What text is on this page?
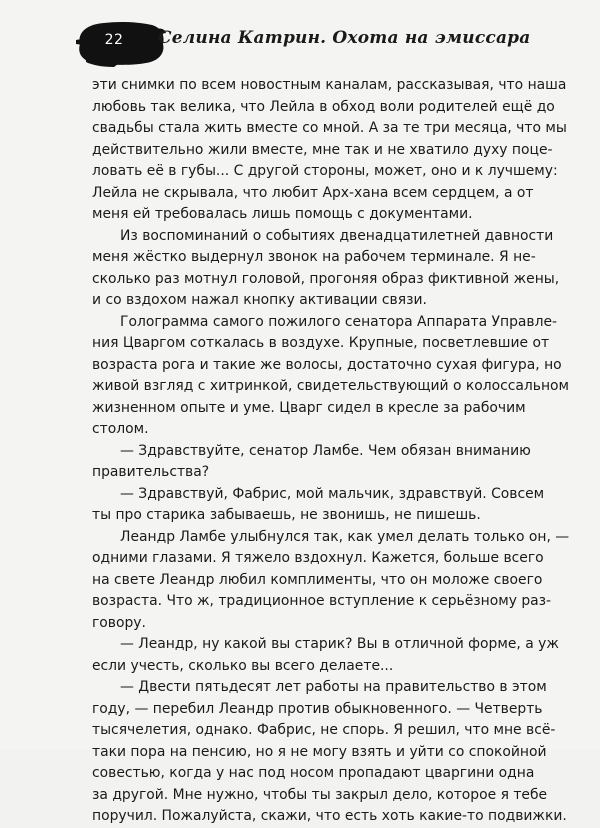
22	Селина Катрин. Охота на эмиссара
эти снимки по всем новостным каналам, рассказывая, что наша
любовь так велика, что Лейла в обход воли родителей ещё до
свадьбы стала жить вместе со мной. А за те три месяца, что мы
действительно жили вместе, мне так и не хватило духу поце-
ловать её в губы... С другой стороны, может, оно и к лучшему:
Лейла не скрывала, что любит Арх-хана всем сердцем, а от
меня ей требовалась лишь помощь с документами.
Из воспоминаний о событиях двенадцатилетней давности
меня жёстко выдернул звонок на рабочем терминале. Я не-
сколько раз мотнул головой, прогоняя образ фиктивной жены,
и со вздохом нажал кнопку активации связи.
Голограмма самого пожилого сенатора Аппарата Управле-
ния Цваргом соткалась в воздухе. Крупные, посветлевшие от
возраста рога и такие же волосы, достаточно сухая фигура, но
живой взгляд с хитринкой, свидетельствующий о колоссальном
жизненном опыте и уме. Цварг сидел в кресле за рабочим
столом.
— Здравствуйте, сенатор Ламбе. Чем обязан вниманию
правительства?
— Здравствуй, Фабрис, мой мальчик, здравствуй. Совсем
ты про старика забываешь, не звонишь, не пишешь.
Леандр Ламбе улыбнулся так, как умел делать только он, —
одними глазами. Я тяжело вздохнул. Кажется, больше всего
на свете Леандр любил комплименты, что он моложе своего
возраста. Что ж, традиционное вступление к серьёзному раз-
говору.
— Леандр, ну какой вы старик? Вы в отличной форме, а уж
если учесть, сколько вы всего делаете...
— Двести пятьдесят лет работы на правительство в этом
году, — перебил Леандр против обыкновенного. — Четверть
тысячелетия, однако. Фабрис, не спорь. Я решил, что мне всё-
таки пора на пенсию, но я не могу взять и уйти со спокойной
совестью, когда у нас под носом пропадают цваргини одна
за другой. Мне нужно, чтобы ты закрыл дело, которое я тебе
поручил. Пожалуйста, скажи, что есть хоть какие-то подвижки.
